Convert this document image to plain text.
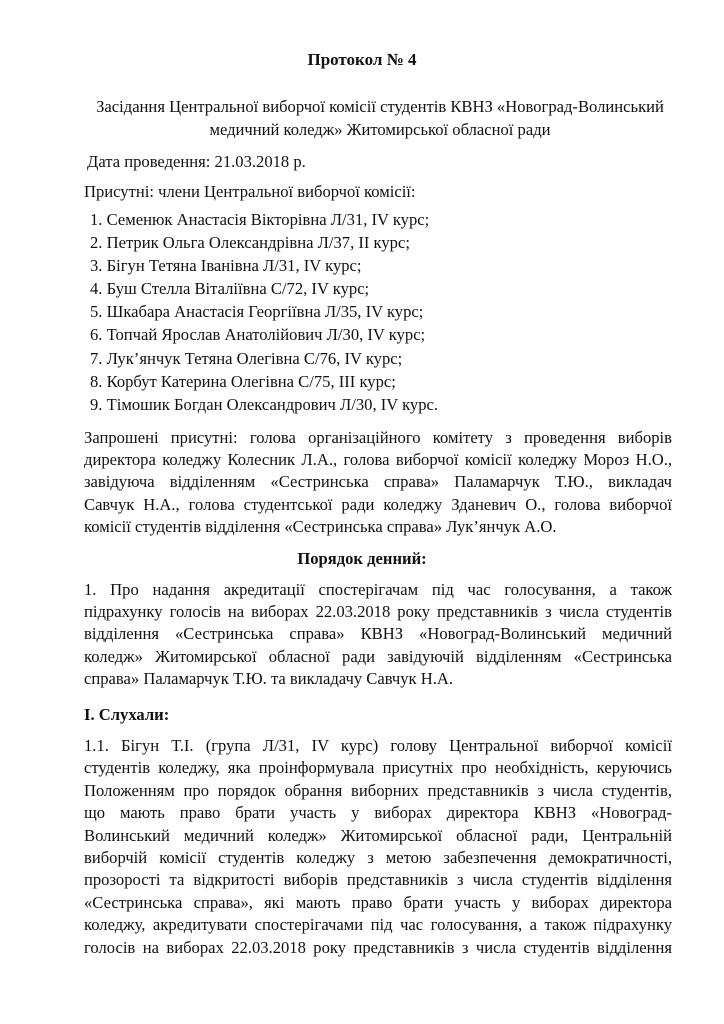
Протокол № 4
Засідання Центральної виборчої комісії студентів КВНЗ «Новоград-Волинський
медичний коледж» Житомирської обласної ради
Дата проведення: 21.03.2018 р.
Присутні: члени Центральної виборчої комісії:
1. Семенюк Анастасія Вікторівна Л/31, IV курс;
2. Петрик Ольга Олександрівна Л/37, II курс;
3. Бігун Тетяна Іванівна Л/31, IV курс;
4. Буш Стелла Віталіївна С/72, IV курс;
5. Шкабара Анастасія Георгіївна Л/35, IV курс;
6. Топчай Ярослав Анатолійович Л/30, IV курс;
7. Лук’янчук Тетяна Олегівна С/76, IV курс;
8. Корбут Катерина Олегівна С/75, III курс;
9. Тімошик Богдан Олександрович Л/30, IV курс.
Запрошені присутні: голова організаційного комітету з проведення виборів
директора коледжу Колесник Л.А., голова виборчої комісії коледжу Мороз Н.О.,
завідуюча відділенням «Сестринська справа» Паламарчук Т.Ю., викладач
Савчук Н.А., голова студентської ради коледжу Зданевич О., голова виборчої
комісії студентів відділення «Сестринська справа» Лук’янчук А.О.
Порядок денний:
1. Про надання акредитації спостерігачам під час голосування, а також
підрахунку голосів на виборах 22.03.2018 року представників з числа студентів
відділення «Сестринська справа» КВНЗ «Новоград-Волинський медичний
коледж» Житомирської обласної ради завідуючій відділенням «Сестринська
справа» Паламарчук Т.Ю. та викладачу Савчук Н.А.
I. Слухали:
1.1. Бігун Т.І. (група Л/31, IV курс) голову Центральної виборчої комісії
студентів коледжу, яка проінформувала присутніх про необхідність, керуючись
Положенням про порядок обрання виборних представників з числа студентів,
що мають право брати участь у виборах директора КВНЗ «Новоград-
Волинський медичний коледж» Житомирської обласної ради, Центральній
виборчій комісії студентів коледжу з метою забезпечення демократичності,
прозорості та відкритості виборів представників з числа студентів відділення
«Сестринська справа», які мають право брати участь у виборах директора
коледжу, акредитувати спостерігачами під час голосування, а також підрахунку
голосів на виборах 22.03.2018 року представників з числа студентів відділення
